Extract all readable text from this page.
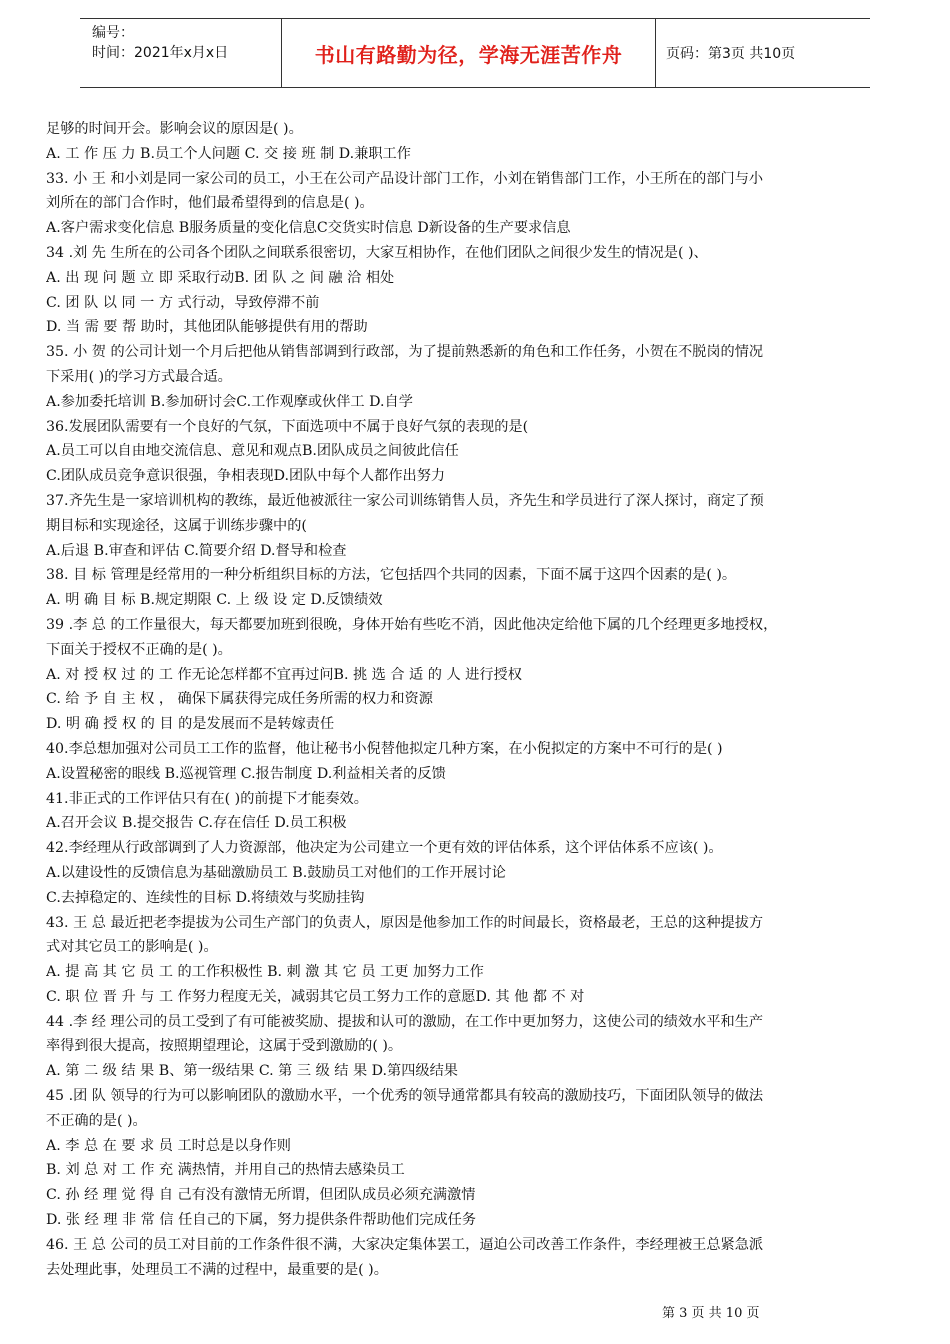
编号：
时间：2021年x月x日	书山有路勤为径，学海无涯苦作舟	页码：第3页 共10页
足够的时间开会。影响会议的原因是( )。
A. 工 作 压 力 B.员工个人问题 C. 交 接 班 制 D.兼职工作
33. 小 王 和小刘是同一家公司的员工，小王在公司产品设计部门工作，小刘在销售部门工作，小王所在的部门与小
刘所在的部门合作时，他们最希望得到的信息是( )。
A.客户需求变化信息 B服务质量的变化信息C交货实时信息 D新设备的生产要求信息
34 .刘 先 生所在的公司各个团队之间联系很密切，大家互相协作，在他们团队之间很少发生的情况是( )、
A. 出 现 问 题 立 即 采取行动B. 团 队 之 间 融 洽 相处
C. 团 队 以 同 一 方 式行动，导致停滞不前
D. 当 需 要 帮 助时，其他团队能够提供有用的帮助
35. 小 贺 的公司计划一个月后把他从销售部调到行政部，为了提前熟悉新的角色和工作任务，小贺在不脱岗的情况
下采用( )的学习方式最合适。
A.参加委托培训 B.参加研讨会C.工作观摩或伙伴工 D.自学
36.发展团队需要有一个良好的气氛，下面选项中不属于良好气氛的表现的是(
A.员工可以自由地交流信息、意见和观点B.团队成员之间彼此信任
C.团队成员竞争意识很强，争相表现D.团队中每个人都作出努力
37.齐先生是一家培训机构的教练，最近他被派往一家公司训练销售人员，齐先生和学员进行了深人探讨，商定了预
期目标和实现途径，这属于训练步骤中的(
A.后退 B.审查和评估 C.简要介绍 D.督导和检查
38. 目 标 管理是经常用的一种分析组织目标的方法，它包括四个共同的因素，下面不属于这四个因素的是( )。
A. 明 确 目 标 B.规定期限 C. 上 级 设 定 D.反馈绩效
39 .李 总 的工作量很大，每天都要加班到很晚，身体开始有些吃不消，因此他决定给他下属的几个经理更多地授权，
下面关于授权不正确的是( )。
A. 对 授 权 过 的 工 作无论怎样都不宜再过问B. 挑 选 合 适 的 人 进行授权
C. 给 予 自 主 权 ， 确保下属获得完成任务所需的权力和资源
D. 明 确 授 权 的 目 的是发展而不是转嫁责任
40.李总想加强对公司员工工作的监督，他让秘书小倪替他拟定几种方案，在小倪拟定的方案中不可行的是( )
A.设置秘密的眼线 B.巡视管理 C.报告制度 D.利益相关者的反馈
41.非正式的工作评估只有在( )的前提下才能奏效。
A.召开会议 B.提交报告 C.存在信任 D.员工积极
42.李经理从行政部调到了人力资源部，他决定为公司建立一个更有效的评估体系，这个评估体系不应该( )。
A.以建设性的反馈信息为基础激励员工 B.鼓励员工对他们的工作开展讨论
C.去掉稳定的、连续性的目标 D.将绩效与奖励挂钩
43. 王 总 最近把老李提拔为公司生产部门的负责人，原因是他参加工作的时间最长，资格最老，王总的这种提拔方
式对其它员工的影响是( )。
A. 提 高 其 它 员 工 的工作积极性 B. 刺 激 其 它 员 工更 加努力工作
C. 职 位 晋 升 与 工 作努力程度无关，减弱其它员工努力工作的意愿D. 其 他 都 不 对
44 .李 经 理公司的员工受到了有可能被奖励、提拔和认可的激励，在工作中更加努力，这使公司的绩效水平和生产
率得到很大提高，按照期望理论，这属于受到激励的( )。
A. 第 二 级 结 果 B、第一级结果 C. 第 三 级 结 果 D.第四级结果
45 .团 队 领导的行为可以影响团队的激励水平，一个优秀的领导通常都具有较高的激励技巧，下面团队领导的做法
不正确的是( )。
A. 李 总 在 要 求 员 工时总是以身作则
B. 刘 总 对 工 作 充 满热情，并用自己的热情去感染员工
C. 孙 经 理 觉 得 自 己有没有激情无所谓，但团队成员必须充满激情
D. 张 经 理 非 常 信 任自己的下属，努力提供条件帮助他们完成任务
46. 王 总 公司的员工对目前的工作条件很不满，大家决定集体罢工，逼迫公司改善工作条件，李经理被王总紧急派
去处理此事，处理员工不满的过程中，最重要的是( )。
第 3 页 共 10 页
